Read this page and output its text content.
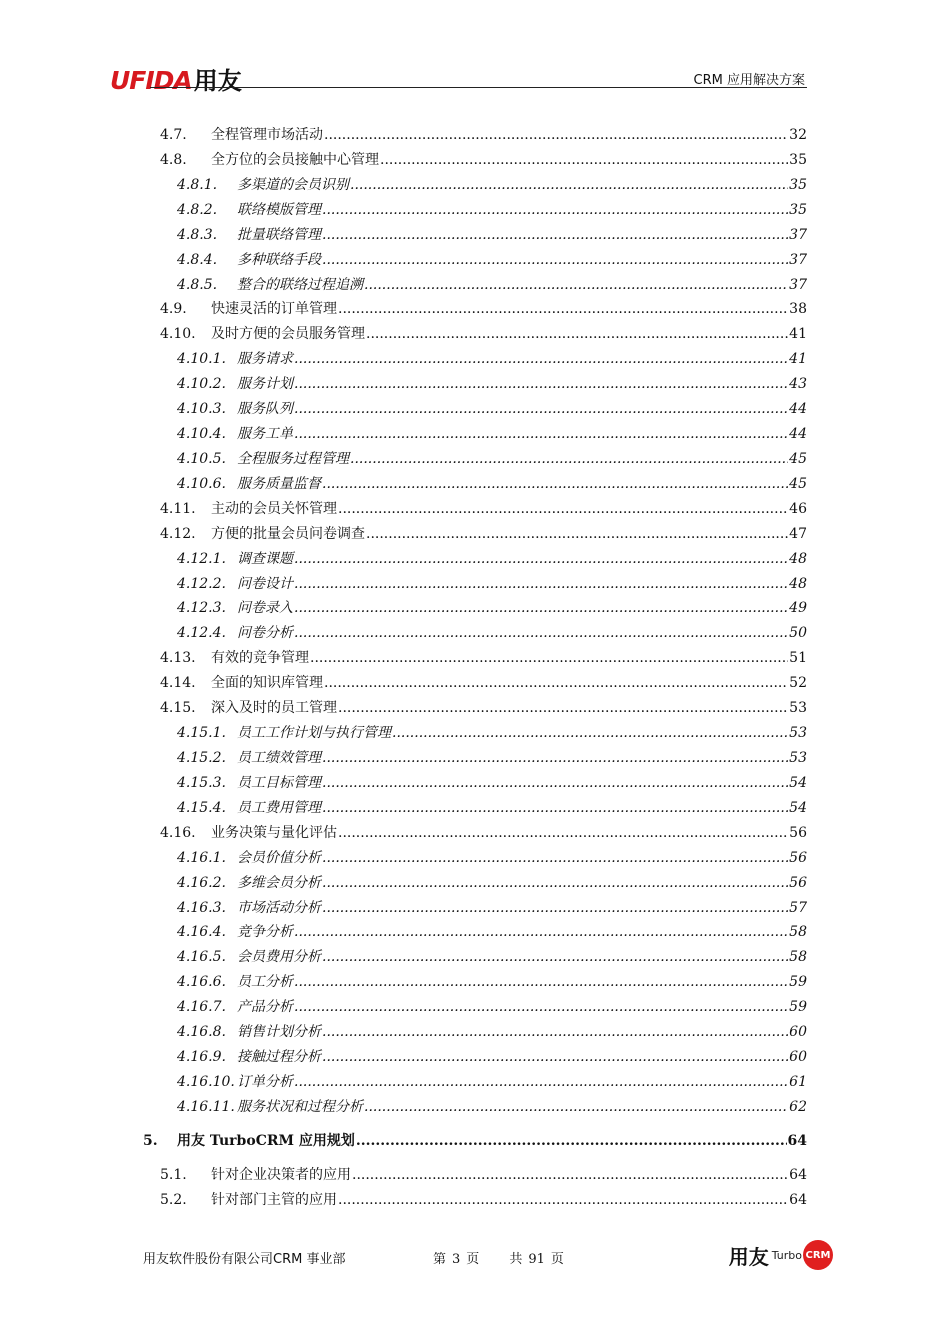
UFIDA 用友	CRM 应用解决方案
4.7.	全程管理市场活动 .....	32
4.8.	全方位的会员接触中心管理 .....	35
4.8.1.	多渠道的会员识别 .....	35
4.8.2.	联络模版管理 .....	35
4.8.3.	批量联络管理 .....	37
4.8.4.	多种联络手段 .....	37
4.8.5.	整合的联络过程追溯 .....	37
4.9.	快速灵活的订单管理 .....	38
4.10.	及时方便的会员服务管理 .....	41
4.10.1. 服务请求 .....	41
4.10.2. 服务计划 .....	43
4.10.3. 服务队列 .....	44
4.10.4. 服务工单 .....	44
4.10.5. 全程服务过程管理 .....	45
4.10.6. 服务质量监督 .....	45
4.11.	主动的会员关怀管理 .....	46
4.12.	方便的批量会员问卷调查 .....	47
4.12.1. 调查课题 .....	48
4.12.2. 问卷设计 .....	48
4.12.3. 问卷录入 .....	49
4.12.4. 问卷分析 .....	50
4.13.	有效的竞争管理 .....	51
4.14.	全面的知识库管理 .....	52
4.15.	深入及时的员工管理 .....	53
4.15.1. 员工工作计划与执行管理 .....	53
4.15.2. 员工绩效管理 .....	53
4.15.3. 员工目标管理 .....	54
4.15.4. 员工费用管理 .....	54
4.16.	业务决策与量化评估 .....	56
4.16.1. 会员价值分析 .....	56
4.16.2. 多维会员分析 .....	56
4.16.3. 市场活动分析 .....	57
4.16.4. 竞争分析 .....	58
4.16.5. 会员费用分析 .....	58
4.16.6. 员工分析 .....	59
4.16.7. 产品分析 .....	59
4.16.8. 销售计划分析 .....	60
4.16.9. 接触过程分析 .....	60
4.16.10. 订单分析 .....	61
4.16.11. 服务状况和过程分析 .....	62
5.	用友 TurboCRM 应用规划 .....	64
5.1.	针对企业决策者的应用 .....	64
5.2.	针对部门主管的应用 .....	64
用友软件股份有限公司CRM 事业部	第 3 页 共 91 页	用友 Turbo CRM
